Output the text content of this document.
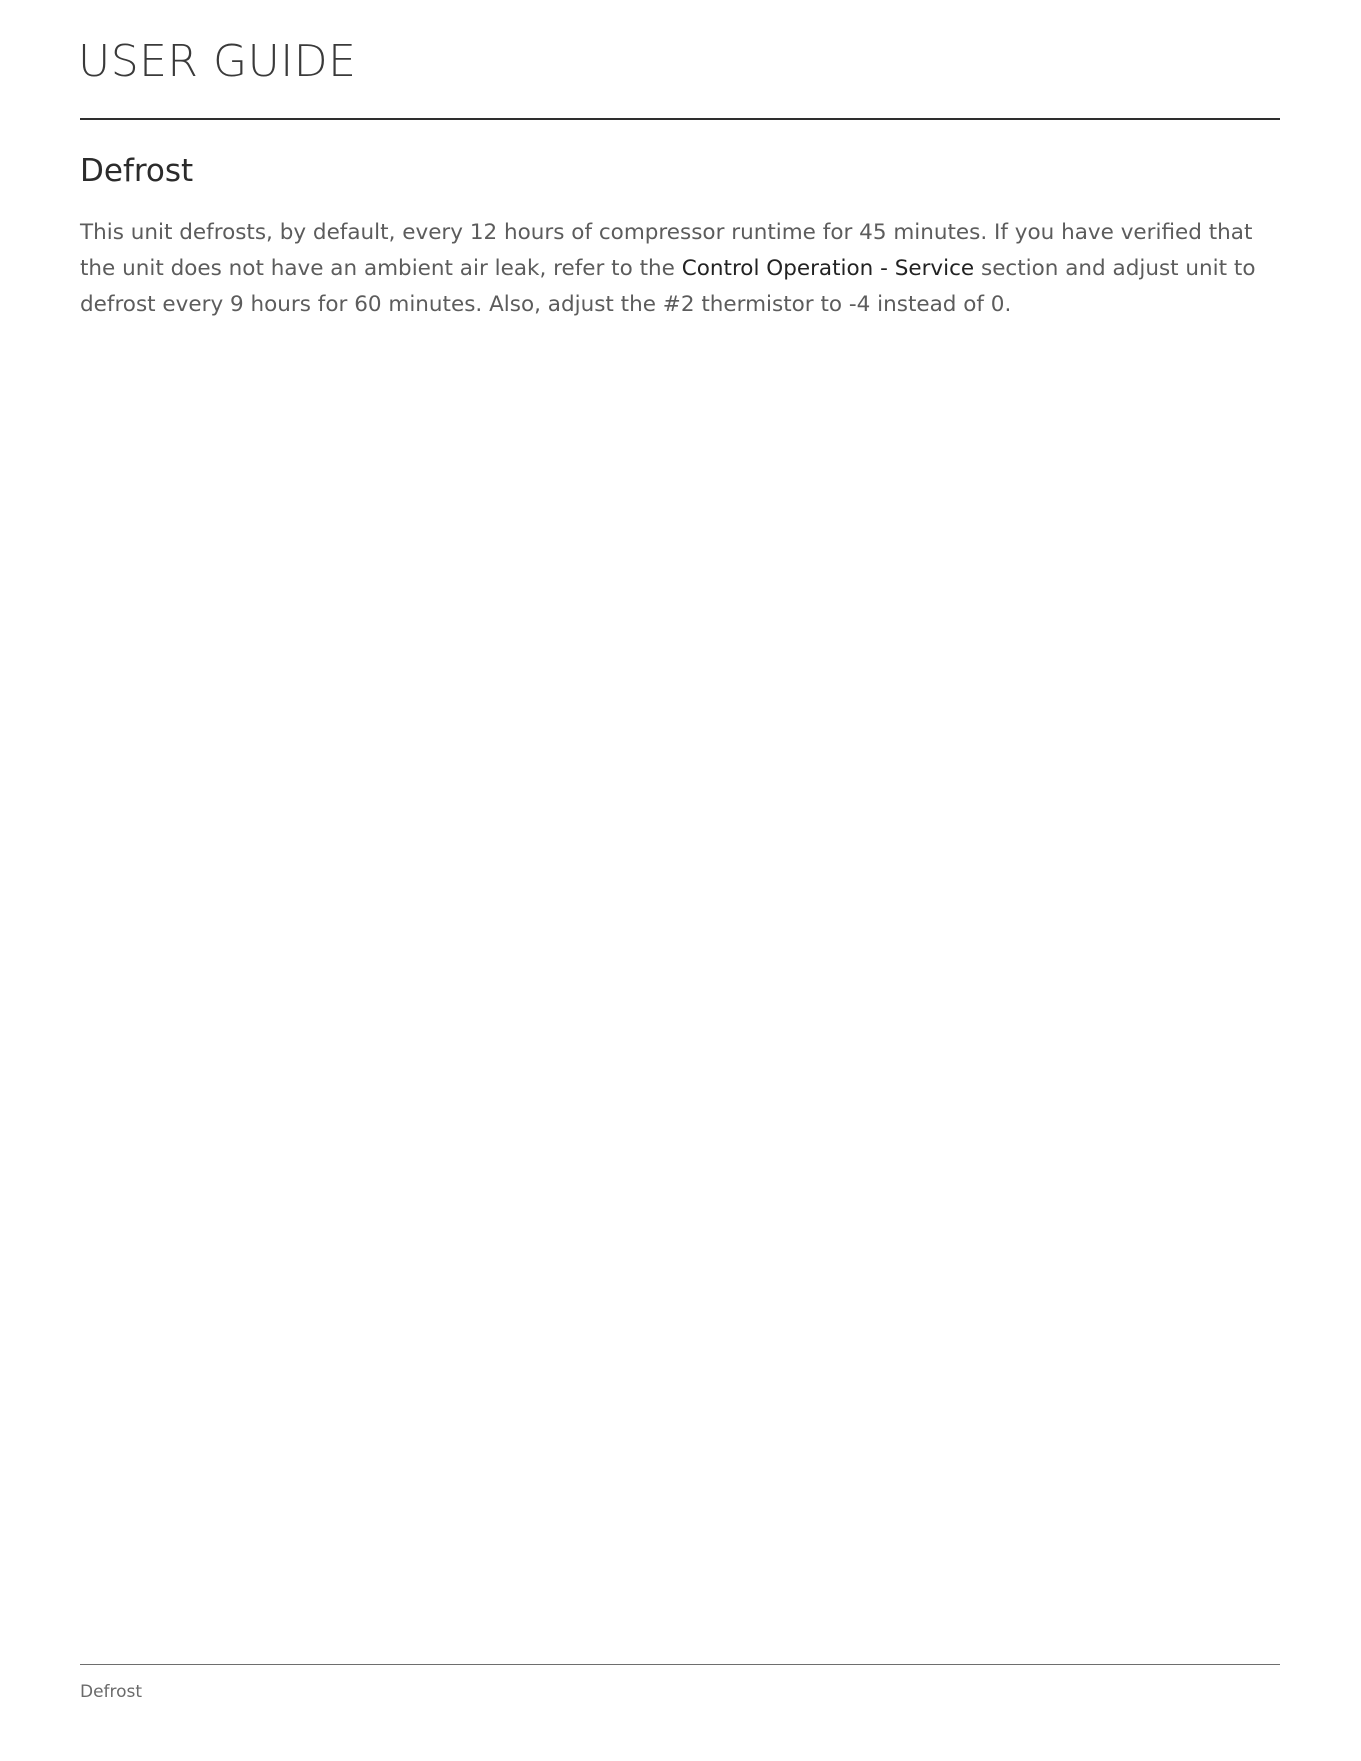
USER GUIDE
Defrost

This unit defrosts, by default, every 12 hours of compressor runtime for 45 minutes. If you have verified that
the unit does not have an ambient air leak, refer to the Control Operation - Service section and adjust unit to
defrost every 9 hours for 60 minutes. Also, adjust the #2 thermistor to -4 instead of 0.

Defrost
